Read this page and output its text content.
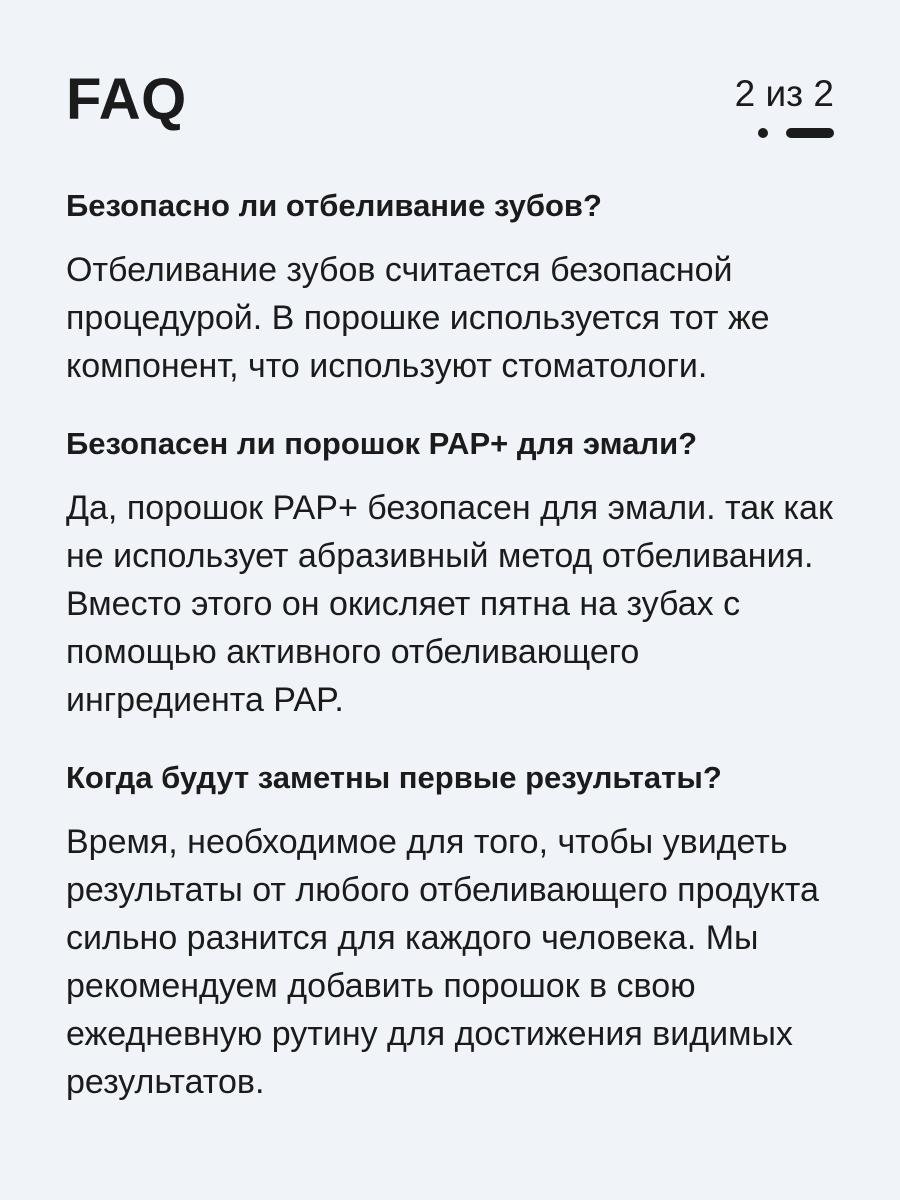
FAQ	2 из 2
Безопасно ли отбеливание зубов?

Отбеливание зубов считается безопасной процедурой. В порошке используется тот же компонент, что используют стоматологи.

Безопасен ли порошок PAP+ для эмали?

Да, порошок PAP+ безопасен для эмали. так как не использует абразивный метод отбеливания. Вместо этого он окисляет пятна на зубах с помощью активного отбеливающего ингредиента PAP.

Когда будут заметны первые результаты?

Время, необходимое для того, чтобы увидеть результаты от любого отбеливающего продукта сильно разнится для каждого человека. Мы рекомендуем добавить порошок в свою ежедневную рутину для достижения видимых результатов.
